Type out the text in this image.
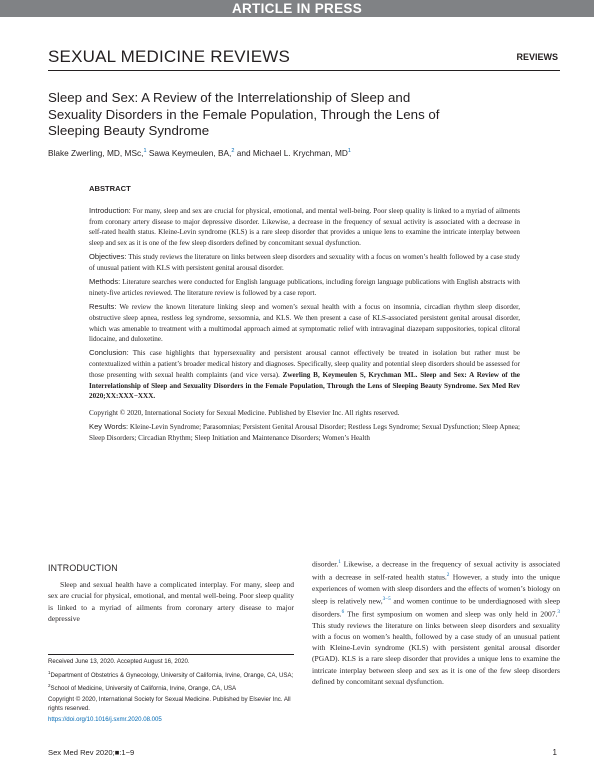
ARTICLE IN PRESS
SEXUAL MEDICINE REVIEWS	REVIEWS
Sleep and Sex: A Review of the Interrelationship of Sleep and Sexuality Disorders in the Female Population, Through the Lens of Sleeping Beauty Syndrome
Blake Zwerling, MD, MSc,$^1$ Sawa Keymeulen, BA,$^2$ and Michael L. Krychman, $MD^1$
ABSTRACT

Introduction: For many, sleep and sex are crucial for physical, emotional, and mental well-being. Poor sleep quality is linked to a myriad of ailments from coronary artery disease to major depressive disorder. Likewise, a decrease in the frequency of sexual activity is associated with a decrease in self-rated health status. Kleine-Levin syndrome (KLS) is a rare sleep disorder that provides a unique lens to examine the intricate interplay between sleep and sex as it is one of the few sleep disorders defined by concomitant sexual dysfunction.

Objectives: This study reviews the literature on links between sleep disorders and sexuality with a focus on women’s health followed by a case study of unusual patient with KLS with persistent genital arousal disorder.

Methods: Literature searches were conducted for English language publications, including foreign language publications with English abstracts with ninety-five articles reviewed. The literature review is followed by a case report.

Results: We review the known literature linking sleep and women’s sexual health with a focus on insomnia, circadian rhythm sleep disorder, obstructive sleep apnea, restless leg syndrome, sexsomnia, and KLS. We then present a case of KLS-associated persistent genital arousal disorder, which was amenable to treatment with a multimodal approach aimed at symptomatic relief with intravaginal diazepam suppositories, topical clitoral lidocaine, and duloxetine.

Conclusion: This case highlights that hypersexuality and persistent arousal cannot effectively be treated in isolation but rather must be contextualized within a patient’s broader medical history and diagnoses. Specifically, sleep quality and potential sleep disorders should be assessed for those presenting with sexual health complaints (and vice versa). Zwerling B, Keymeulen S, Krychman ML. Sleep and Sex: A Review of the Interrelationship of Sleep and Sexuality Disorders in the Female Population, Through the Lens of Sleeping Beauty Syndrome. Sex Med Rev 2020;XX:XXX−XXX.

Copyright © 2020, International Society for Sexual Medicine. Published by Elsevier Inc. All rights reserved.

Key Words: Kleine-Levin Syndrome; Parasomnias; Persistent Genital Arousal Disorder; Restless Legs Syndrome; Sexual Dysfunction; Sleep Apnea; Sleep Disorders; Circadian Rhythm; Sleep Initiation and Maintenance Disorders; Women’s Health

INTRODUCTION

Sleep and sexual health have a complicated interplay. For many, sleep and sex are crucial for physical, emotional, and mental well-being. Poor sleep quality is linked to a myriad of ailments from coronary artery disease to major depressive

Received June 13, 2020. Accepted August 16, 2020.

$^1$Department of Obstetrics & Gynecology, University of California, Irvine, Orange, CA, USA;

$^2$School of Medicine, University of California, Irvine, Orange, CA, USA

Copyright © 2020, International Society for Sexual Medicine. Published by Elsevier Inc. All rights reserved.

https://doi.org/10.1016/j.sxmr.2020.08.005

disorder.$^1$ Likewise, a decrease in the frequency of sexual activity is associated with a decrease in self-rated health status.$^2$ However, a study into the unique experiences of women with sleep disorders and the effects of women’s biology on sleep is relatively new,$^{3-5}$ and women continue to be underdiagnosed with sleep disorders.$^6$ The first symposium on women and sleep was only held in 2007.$^3$ This study reviews the literature on links between sleep disorders and sexuality with a focus on women’s health, followed by a case study of an unusual patient with Kleine-Levin syndrome (KLS) with persistent genital arousal disorder (PGAD). KLS is a rare sleep disorder that provides a unique lens to examine the intricate interplay between sleep and sex as it is one of the few sleep disorders defined by concomitant sexual dysfunction.

Sex Med Rev 2020;■:1−9	1
